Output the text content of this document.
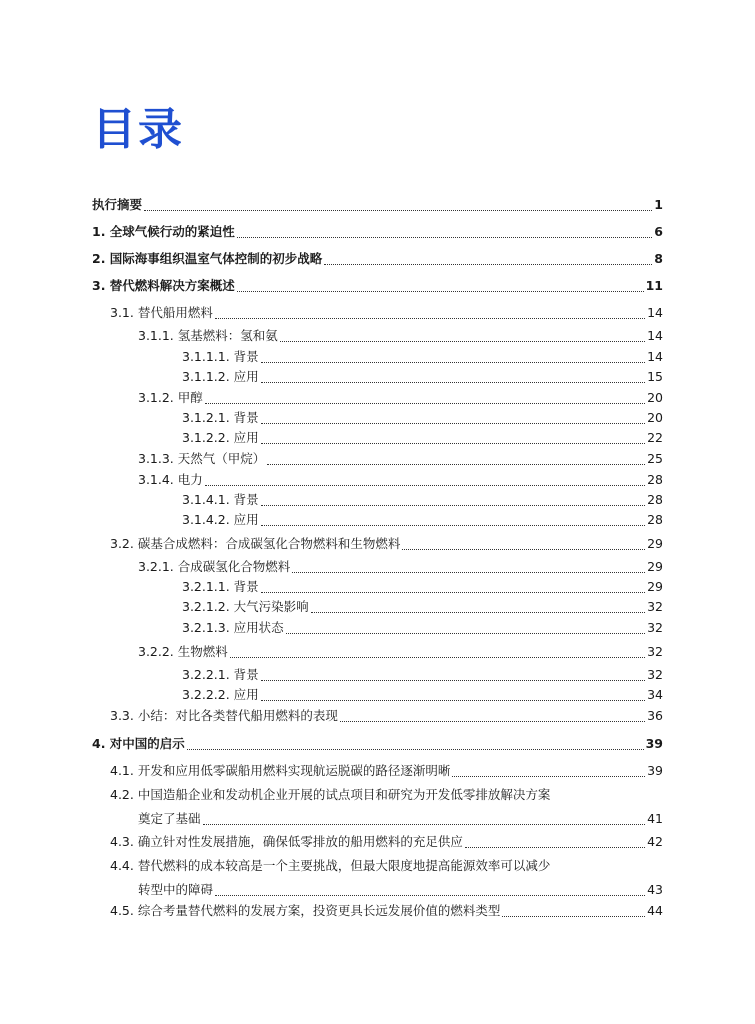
目录
执行摘要	1
1. 全球气候行动的紧迫性	6
2. 国际海事组织温室气体控制的初步战略	8
3. 替代燃料解决方案概述	11
3.1. 替代船用燃料	14
3.1.1. 氢基燃料：氢和氨	14
3.1.1.1. 背景	14
3.1.1.2. 应用	15
3.1.2. 甲醇	20
3.1.2.1. 背景	20
3.1.2.2. 应用	22
3.1.3. 天然气（甲烷）	25
3.1.4. 电力	28
3.1.4.1. 背景	28
3.1.4.2. 应用	28
3.2. 碳基合成燃料：合成碳氢化合物燃料和生物燃料	29
3.2.1. 合成碳氢化合物燃料	29
3.2.1.1. 背景	29
3.2.1.2. 大气污染影响	32
3.2.1.3. 应用状态	32
3.2.2. 生物燃料	32
3.2.2.1. 背景	32
3.2.2.2. 应用	34
3.3. 小结：对比各类替代船用燃料的表现	36
4. 对中国的启示	39
4.1. 开发和应用低零碳船用燃料实现航运脱碳的路径逐渐明晰	39
4.2. 中国造船企业和发动机企业开展的试点项目和研究为开发低零排放解决方案
奠定了基础	41
4.3. 确立针对性发展措施，确保低零排放的船用燃料的充足供应	42
4.4. 替代燃料的成本较高是一个主要挑战，但最大限度地提高能源效率可以减少
转型中的障碍	43
4.5. 综合考量替代燃料的发展方案，投资更具长远发展价值的燃料类型	44
